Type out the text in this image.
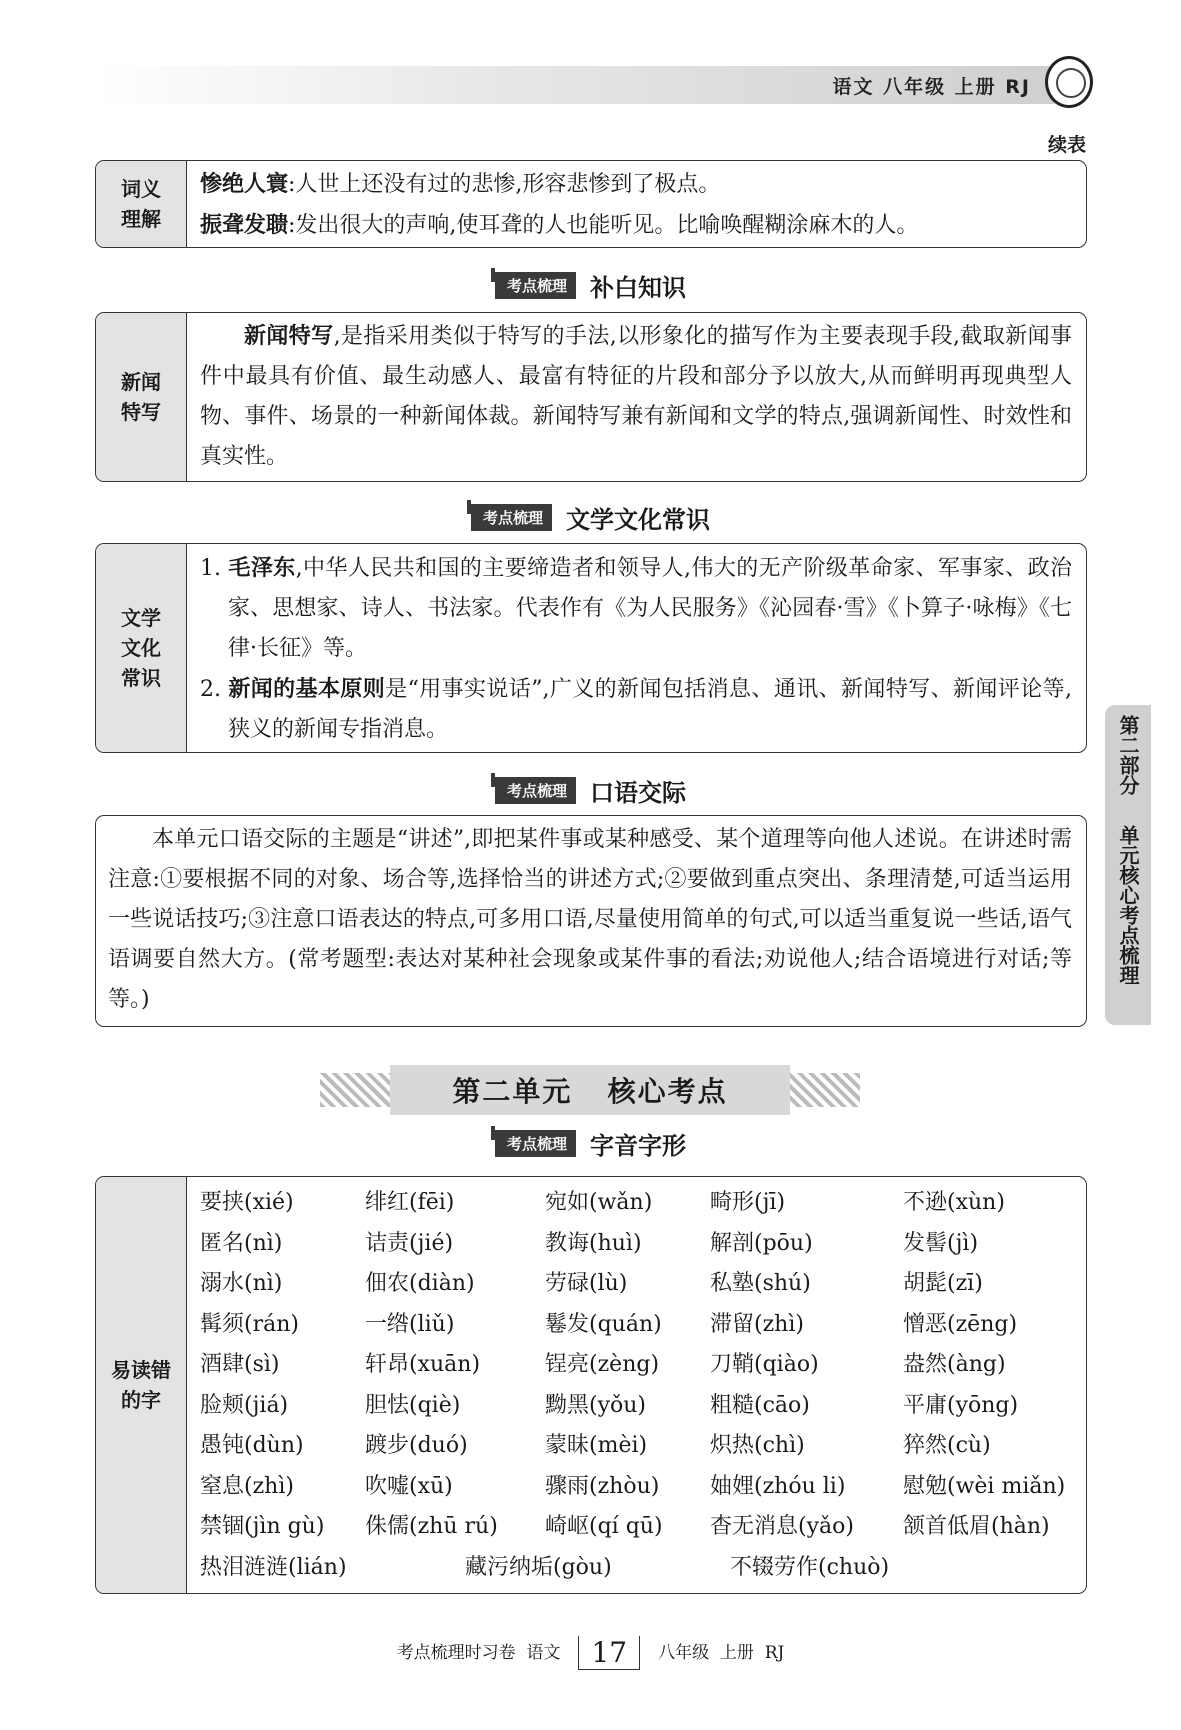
语文 八年级 上册 RJ
续表
词义
理解
惨绝人寰:人世上还没有过的悲惨,形容悲惨到了极点。
振聋发聩:发出很大的声响,使耳聋的人也能听见。比喻唤醒糊涂麻木的人。
考点梳理 补白知识
新闻
特写
新闻特写,是指采用类似于特写的手法,以形象化的描写作为主要表现手段,截取新闻事件中最具有价值、最生动感人、最富有特征的片段和部分予以放大,从而鲜明再现典型人物、事件、场景的一种新闻体裁。新闻特写兼有新闻和文学的特点,强调新闻性、时效性和真实性。
考点梳理 文学文化常识
文学
文化
常识
1. 毛泽东,中华人民共和国的主要缔造者和领导人,伟大的无产阶级革命家、军事家、政治家、思想家、诗人、书法家。代表作有《为人民服务》《沁园春·雪》《卜算子·咏梅》《七律·长征》等。
2. 新闻的基本原则是“用事实说话”,广义的新闻包括消息、通讯、新闻特写、新闻评论等,狭义的新闻专指消息。
考点梳理 口语交际
本单元口语交际的主题是“讲述”,即把某件事或某种感受、某个道理等向他人述说。在讲述时需注意:①要根据不同的对象、场合等,选择恰当的讲述方式;②要做到重点突出、条理清楚,可适当运用一些说话技巧;③注意口语表达的特点,可多用口语,尽量使用简单的句式,可以适当重复说一些话,语气语调要自然大方。(常考题型:表达对某种社会现象或某件事的看法;劝说他人;结合语境进行对话;等等。)
第二部分
单元核心考点梳理
第二单元   核心考点
考点梳理 字音字形
易读错
的字
要挟(xié)	绯红(fēi)	宛如(wǎn)	畸形(jī)	不逊(xùn)
匿名(nì)	诘责(jié)	教诲(huì)	解剖(pōu)	发髻(jì)
溺水(nì)	佃农(diàn)	劳碌(lù)	私塾(shú)	胡髭(zī)
髯须(rán)	一绺(liǔ)	鬈发(quán) 滞留(zhì)	憎恶(zēng)
酒肆(sì)	轩昂(xuān)	锃亮(zèng) 刀鞘(qiào)	盎然(àng)
脸颊(jiá)	胆怯(qiè)	黝黑(yǒu)	粗糙(cāo)	平庸(yōng)
愚钝(dùn)	踱步(duó)	蒙昧(mèi)	炽热(chì)	猝然(cù)
窒息(zhì)	吹嘘(xū)	骤雨(zhòu) 妯娌(zhóu li)	慰勉(wèi miǎn)
禁锢(jìn gù) 侏儒(zhū rú) 崎岖(qí qū) 杳无消息(yǎo) 颔首低眉(hàn)
热泪涟涟(lián)	藏污纳垢(gòu)	不辍劳作(chuò)
考点梳理时习卷  语文 17 八年级  上册  RJ
